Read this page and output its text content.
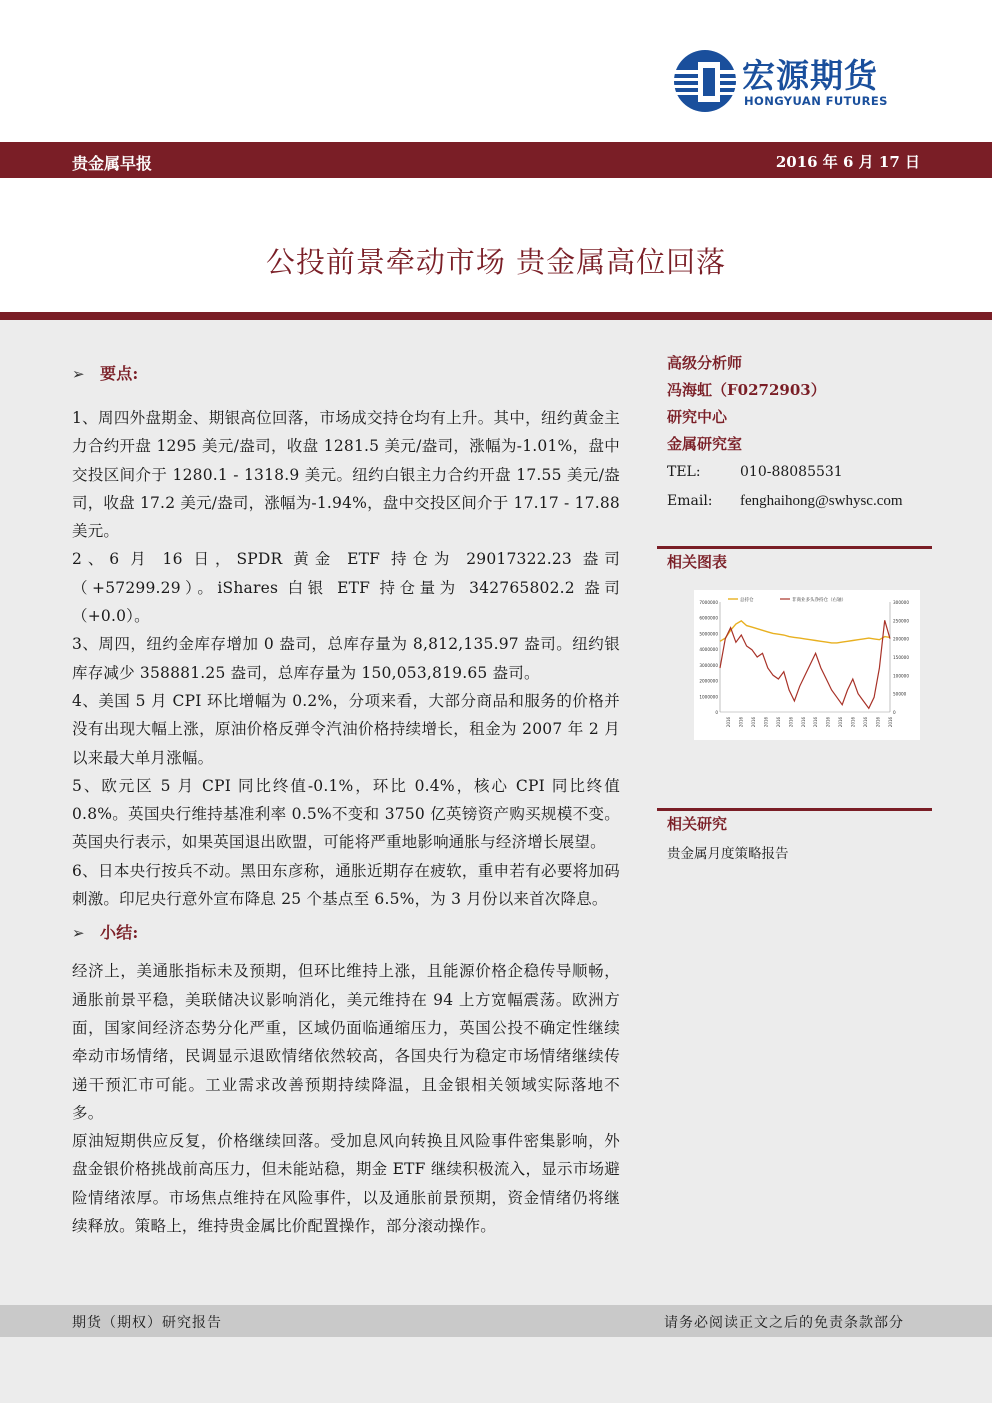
宏源期货
HONGYUAN FUTURES
贵金属早报	2016 年 6 月 17 日
公投前景牵动市场 贵金属高位回落
➢ 要点:

1、周四外盘期金、期银高位回落，市场成交持仓均有上升。其中，纽约黄金主力合约开盘 1295 美元/盎司，收盘 1281.5 美元/盎司，涨幅为-1.01%，盘中交投区间介于 1280.1 - 1318.9 美元。纽约白银主力合约开盘 17.55 美元/盎司，收盘 17.2 美元/盎司，涨幅为-1.94%，盘中交投区间介于 17.17 - 17.88 美元。

2、6 月 16 日，SPDR 黄金 ETF 持仓为 29017322.23 盎司（+57299.29）。iShares 白银 ETF 持仓量为 342765802.2 盎司（+0.0）。

3、周四，纽约金库存增加 0 盎司，总库存量为 8,812,135.97 盎司。纽约银库存减少 358881.25 盎司，总库存量为 150,053,819.65 盎司。

4、美国 5 月 CPI 环比增幅为 0.2%，分项来看，大部分商品和服务的价格并没有出现大幅上涨，原油价格反弹令汽油价格持续增长，租金为 2007 年 2 月以来最大单月涨幅。

5、欧元区 5 月 CPI 同比终值-0.1%，环比 0.4%，核心 CPI 同比终值 0.8%。英国央行维持基准利率 0.5%不变和 3750 亿英镑资产购买规模不变。英国央行表示，如果英国退出欧盟，可能将严重地影响通胀与经济增长展望。

6、日本央行按兵不动。黑田东彦称，通胀近期存在疲软，重申若有必要将加码刺激。印尼央行意外宣布降息 25 个基点至 6.5%，为 3 月份以来首次降息。

➢ 小结:

经济上，美通胀指标未及预期，但环比维持上涨，且能源价格企稳传导顺畅，通胀前景平稳，美联储决议影响消化，美元维持在 94 上方宽幅震荡。欧洲方面，国家间经济态势分化严重，区域仍面临通缩压力，英国公投不确定性继续牵动市场情绪，民调显示退欧情绪依然较高，各国央行为稳定市场情绪继续传递干预汇市可能。工业需求改善预期持续降温，且金银相关领域实际落地不多。

原油短期供应反复，价格继续回落。受加息风向转换且风险事件密集影响，外盘金银价格挑战前高压力，但未能站稳，期金 ETF 继续积极流入，显示市场避险情绪浓厚。市场焦点维持在风险事件，以及通胀前景预期，资金情绪仍将继续释放。策略上，维持贵金属比价配置操作，部分滚动操作。

高级分析师
冯海虹（F0272903）
研究中心
金属研究室
TEL:	010-88085531
Email:	fenghaihong@swhysc.com
相关图表
7000000
6000000
5000000
4000000
3000000
2000000
1000000
0
300000
250000
200000
150000
100000
50000
0
2016 2016 2016 2016 2016 2016 2016 2016 2016 2016 2016 2016 2016 2016
总持仓	非商业多头净持仓（右轴）
相关研究
贵金属月度策略报告
期货（期权）研究报告	请务必阅读正文之后的免责条款部分
